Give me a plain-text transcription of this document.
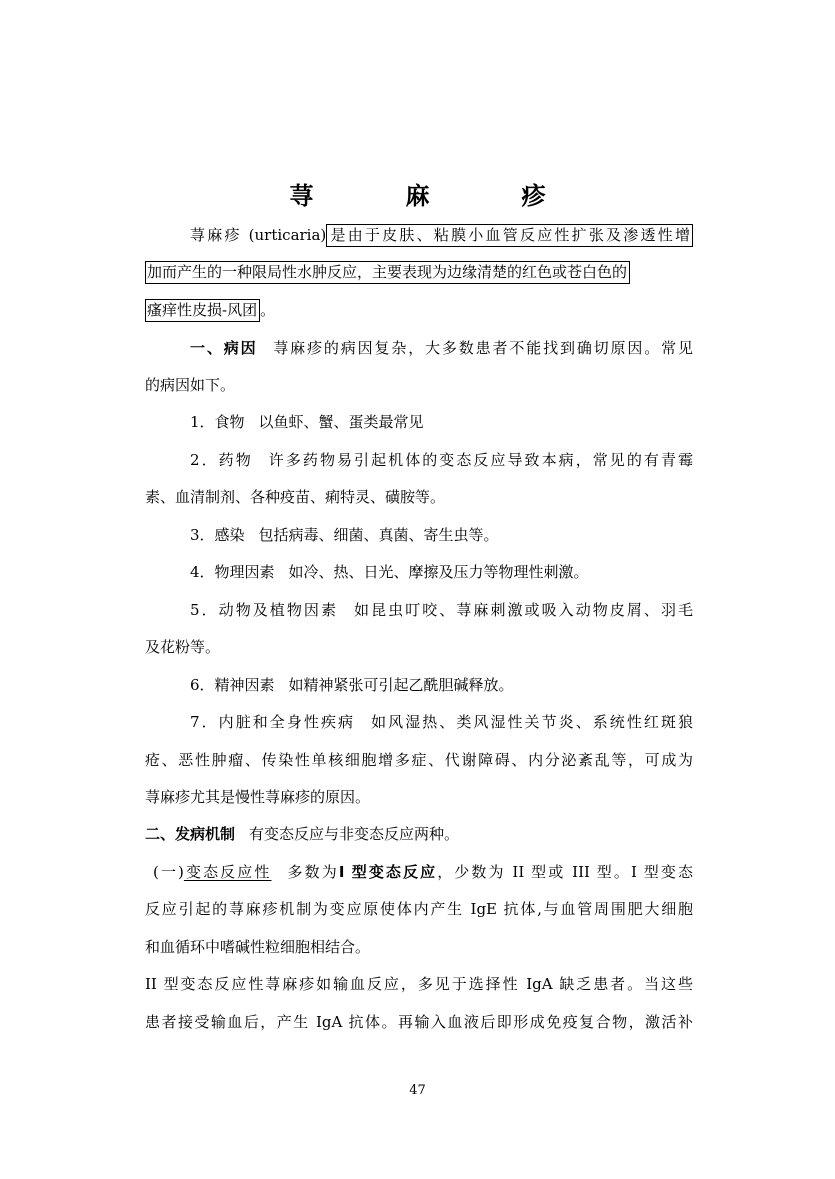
荨　麻　疹
荨麻疹 (urticaria) 是由于皮肤、粘膜小血管反应性扩张及渗透性增
加而产生的一种限局性水肿反应，主要表现为边缘清楚的红色或苍白色的
瘙痒性皮损-风团 。
一、病因 荨麻疹的病因复杂，大多数患者不能找到确切原因。常见
的病因如下。
1．食物 以鱼虾、蟹、蛋类最常见
2．药物 许多药物易引起机体的变态反应导致本病，常见的有青霉
素、血清制剂、各种疫苗、痢特灵、磺胺等。
3．感染 包括病毒、细菌、真菌、寄生虫等。
4．物理因素 如冷、热、日光、摩擦及压力等物理性刺激。
5．动物及植物因素 如昆虫叮咬、荨麻刺激或吸入动物皮屑、羽毛
及花粉等。
6．精神因素 如精神紧张可引起乙酰胆碱释放。
7．内脏和全身性疾病 如风湿热、类风湿性关节炎、系统性红斑狼
疮、恶性肿瘤、传染性单核细胞增多症、代谢障碍、内分泌紊乱等，可成为
荨麻疹尤其是慢性荨麻疹的原因。
二、发病机制 有变态反应与非变态反应两种。
(一)变态反应性 多数为I 型变态反应，少数为 II 型或 III 型。I 型变态
反应引起的荨麻疹机制为变应原使体内产生 IgE 抗体,与血管周围肥大细胞
和血循环中嗜碱性粒细胞相结合。
II 型变态反应性荨麻疹如输血反应，多见于选择性 IgA 缺乏患者。当这些
患者接受输血后，产生 IgA 抗体。再输入血液后即形成免疫复合物，激活补
47
